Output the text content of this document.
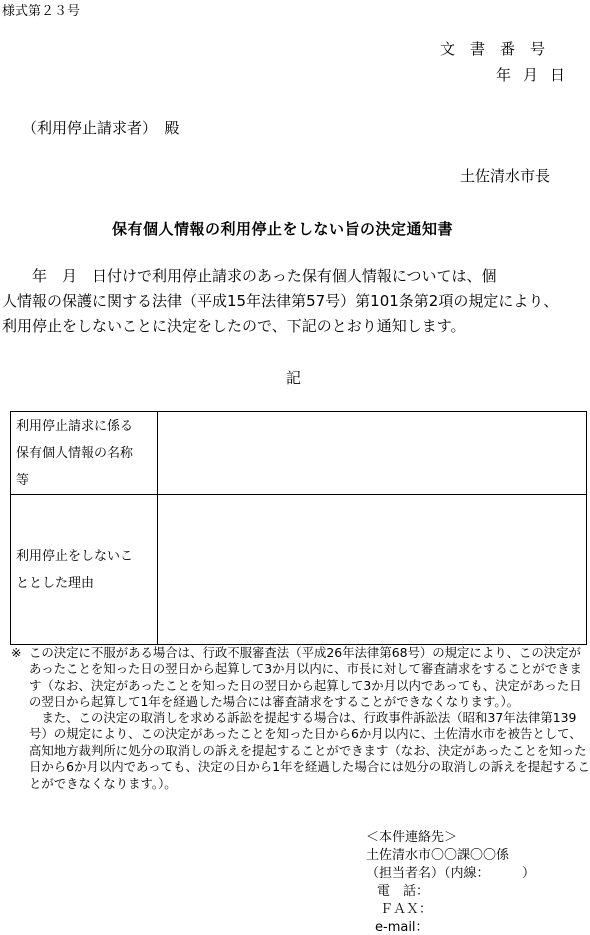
様式第２３号
文書番号
年月日
（利用停止請求者）　殿
土佐清水市長
保有個人情報の利用停止をしない旨の決定通知書
　　年　月　日付けで利用停止請求のあった保有個人情報については、個
人情報の保護に関する法律（平成15年法律第57号）第101条第2項の規定により、
利用停止をしないことに決定をしたので、下記のとおり通知します。
記
利用停止請求に係る
保有個人情報の名称
等	

利用停止をしないこ
ととした理由	

※ この決定に不服がある場合は、行政不服審査法（平成26年法律第68号）の規定により、この決定があったことを知った日の翌日から起算して3か月以内に、市長に対して審査請求をすることができます（なお、決定があったことを知った日の翌日から起算して3か月以内であっても、決定があった日の翌日から起算して1年を経過した場合には審査請求をすることができなくなります。）。

　また、この決定の取消しを求める訴訟を提起する場合は、行政事件訴訟法（昭和37年法律第139号）の規定により、この決定があったことを知った日から6か月以内に、土佐清水市を被告として、高知地方裁判所に処分の取消しの訴えを提起することができます（なお、決定があったことを知った日から6か月以内であっても、決定の日から1年を経過した場合には処分の取消しの訴えを提起することができなくなります。）。

＜本件連絡先＞
土佐清水市〇〇課〇〇係
（担当者名）（内線：　　　）
電　話：
ＦＡＸ：
e-mail：
